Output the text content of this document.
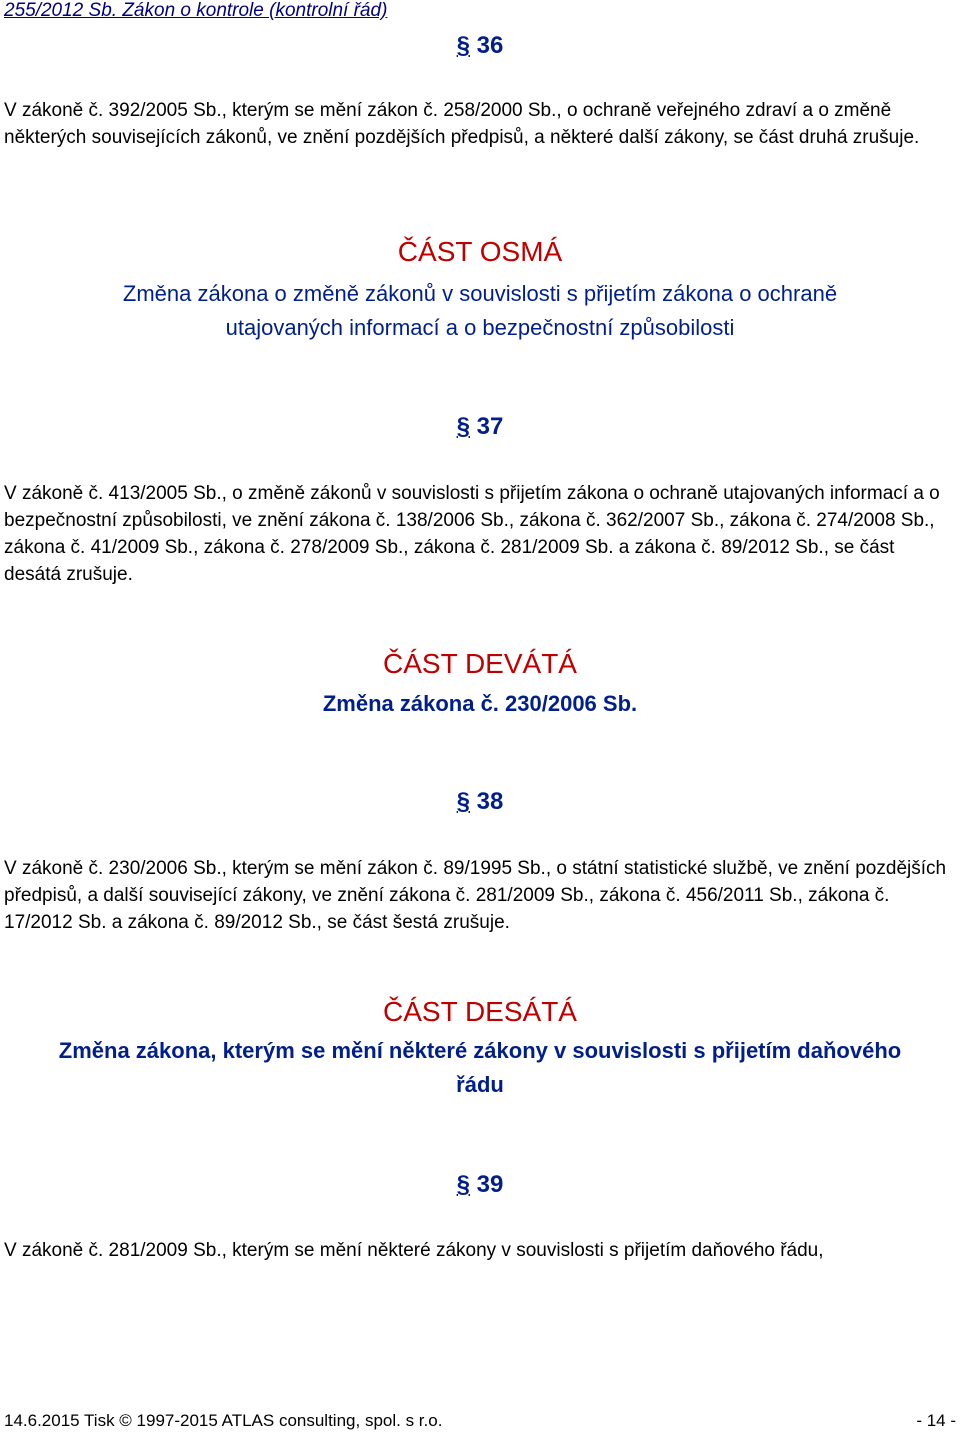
255/2012 Sb. Zákon o kontrole (kontrolní řád)
§ 36
V zákoně č. 392/2005 Sb., kterým se mění zákon č. 258/2000 Sb., o ochraně veřejného zdraví a o změně některých souvisejících zákonů, ve znění pozdějších předpisů, a některé další zákony, se část druhá zrušuje.
ČÁST OSMÁ
Změna zákona o změně zákonů v souvislosti s přijetím zákona o ochraně
utajovaných informací a o bezpečnostní způsobilosti
§ 37
V zákoně č. 413/2005 Sb., o změně zákonů v souvislosti s přijetím zákona o ochraně utajovaných informací a o bezpečnostní způsobilosti, ve znění zákona č. 138/2006 Sb., zákona č. 362/2007 Sb., zákona č. 274/2008 Sb., zákona č. 41/2009 Sb., zákona č. 278/2009 Sb., zákona č. 281/2009 Sb. a zákona č. 89/2012 Sb., se část desátá zrušuje.
ČÁST DEVÁTÁ
Změna zákona č. 230/2006 Sb.
§ 38
V zákoně č. 230/2006 Sb., kterým se mění zákon č. 89/1995 Sb., o státní statistické službě, ve znění pozdějších předpisů, a další související zákony, ve znění zákona č. 281/2009 Sb., zákona č. 456/2011 Sb., zákona č. 17/2012 Sb. a zákona č. 89/2012 Sb., se část šestá zrušuje.
ČÁST DESÁTÁ
Změna zákona, kterým se mění některé zákony v souvislosti s přijetím daňového
řádu
§ 39
V zákoně č. 281/2009 Sb., kterým se mění některé zákony v souvislosti s přijetím daňového řádu,
14.6.2015 Tisk © 1997-2015 ATLAS consulting, spol. s r.o.	- 14 -
